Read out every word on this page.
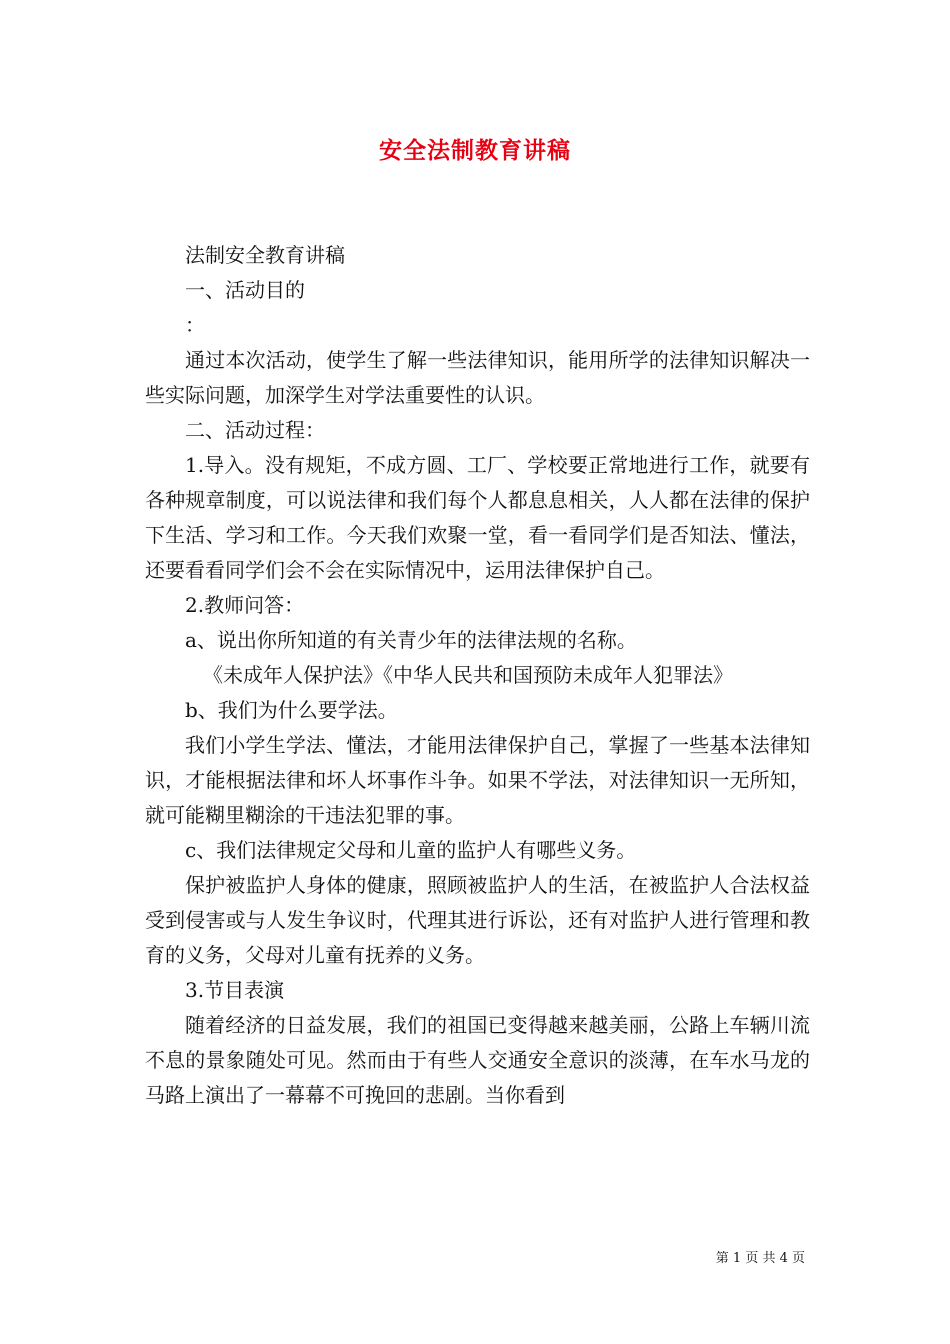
安全法制教育讲稿

法制安全教育讲稿

一、活动目的

：

通过本次活动，使学生了解一些法律知识，能用所学的法律知识解决一些实际问题，加深学生对学法重要性的认识。

二、活动过程：

1.导入。没有规矩，不成方圆、工厂、学校要正常地进行工作，就要有各种规章制度，可以说法律和我们每个人都息息相关，人人都在法律的保护下生活、学习和工作。今天我们欢聚一堂，看一看同学们是否知法、懂法，还要看看同学们会不会在实际情况中，运用法律保护自己。

2.教师问答：

a、说出你所知道的有关青少年的法律法规的名称。

《未成年人保护法》《中华人民共和国预防未成年人犯罪法》

b、我们为什么要学法。

我们小学生学法、懂法，才能用法律保护自己，掌握了一些基本法律知识，才能根据法律和坏人坏事作斗争。如果不学法，对法律知识一无所知，就可能糊里糊涂的干违法犯罪的事。

c、我们法律规定父母和儿童的监护人有哪些义务。

保护被监护人身体的健康，照顾被监护人的生活，在被监护人合法权益受到侵害或与人发生争议时，代理其进行诉讼，还有对监护人进行管理和教育的义务，父母对儿童有抚养的义务。

3.节目表演

随着经济的日益发展，我们的祖国已变得越来越美丽，公路上车辆川流不息的景象随处可见。然而由于有些人交通安全意识的淡薄，在车水马龙的马路上演出了一幕幕不可挽回的悲剧。当你看到

第 1 页 共 4 页
